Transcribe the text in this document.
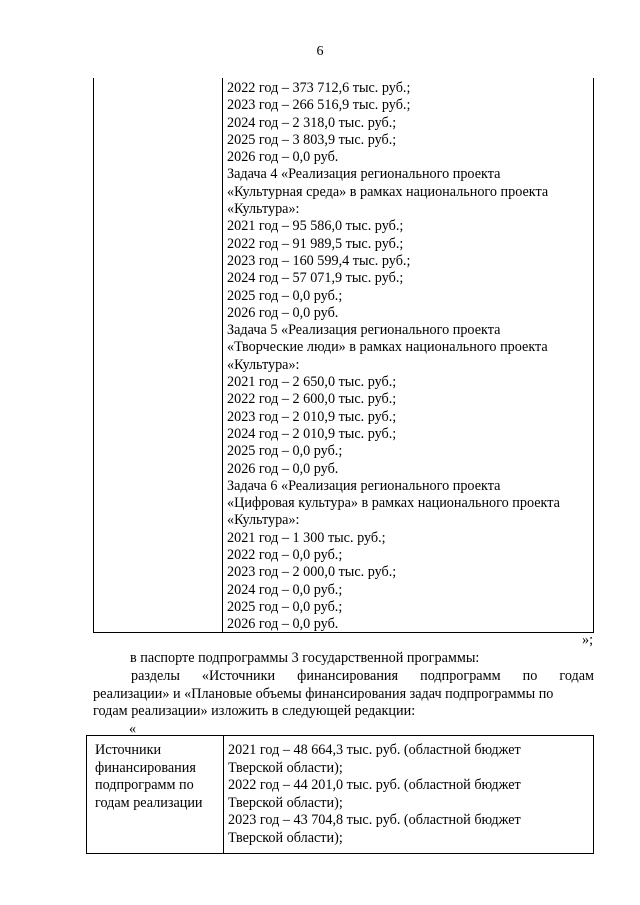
6
2022 год – 373 712,6 тыс. руб.;
2023 год – 266 516,9 тыс. руб.;
2024 год – 2 318,0 тыс. руб.;
2025 год – 3 803,9 тыс. руб.;
2026 год – 0,0 руб.
Задача 4 «Реализация регионального проекта
«Культурная среда» в рамках национального проекта
«Культура»:
2021 год – 95 586,0 тыс. руб.;
2022 год – 91 989,5 тыс. руб.;
2023 год – 160 599,4 тыс. руб.;
2024 год – 57 071,9 тыс. руб.;
2025 год – 0,0 руб.;
2026 год – 0,0 руб.
Задача 5 «Реализация регионального проекта
«Творческие люди» в рамках национального проекта
«Культура»:
2021 год – 2 650,0 тыс. руб.;
2022 год – 2 600,0 тыс. руб.;
2023 год – 2 010,9 тыс. руб.;
2024 год – 2 010,9 тыс. руб.;
2025 год – 0,0 руб.;
2026 год – 0,0 руб.
Задача 6 «Реализация регионального проекта
«Цифровая культура» в рамках национального проекта
«Культура»:
2021 год – 1 300 тыс. руб.;
2022 год – 0,0 руб.;
2023 год – 2 000,0 тыс. руб.;
2024 год – 0,0 руб.;
2025 год – 0,0 руб.;
2026 год – 0,0 руб.
»;
в паспорте подпрограммы 3 государственной программы:
разделы «Источники финансирования подпрограмм по годам
реализации» и «Плановые объемы финансирования задач подпрограммы по
годам реализации» изложить в следующей редакции:
«
Источники
финансирования
подпрограмм по
годам реализации
2021 год – 48 664,3 тыс. руб. (областной бюджет
Тверской области);
2022 год – 44 201,0 тыс. руб. (областной бюджет
Тверской области);
2023 год – 43 704,8 тыс. руб. (областной бюджет
Тверской области);
